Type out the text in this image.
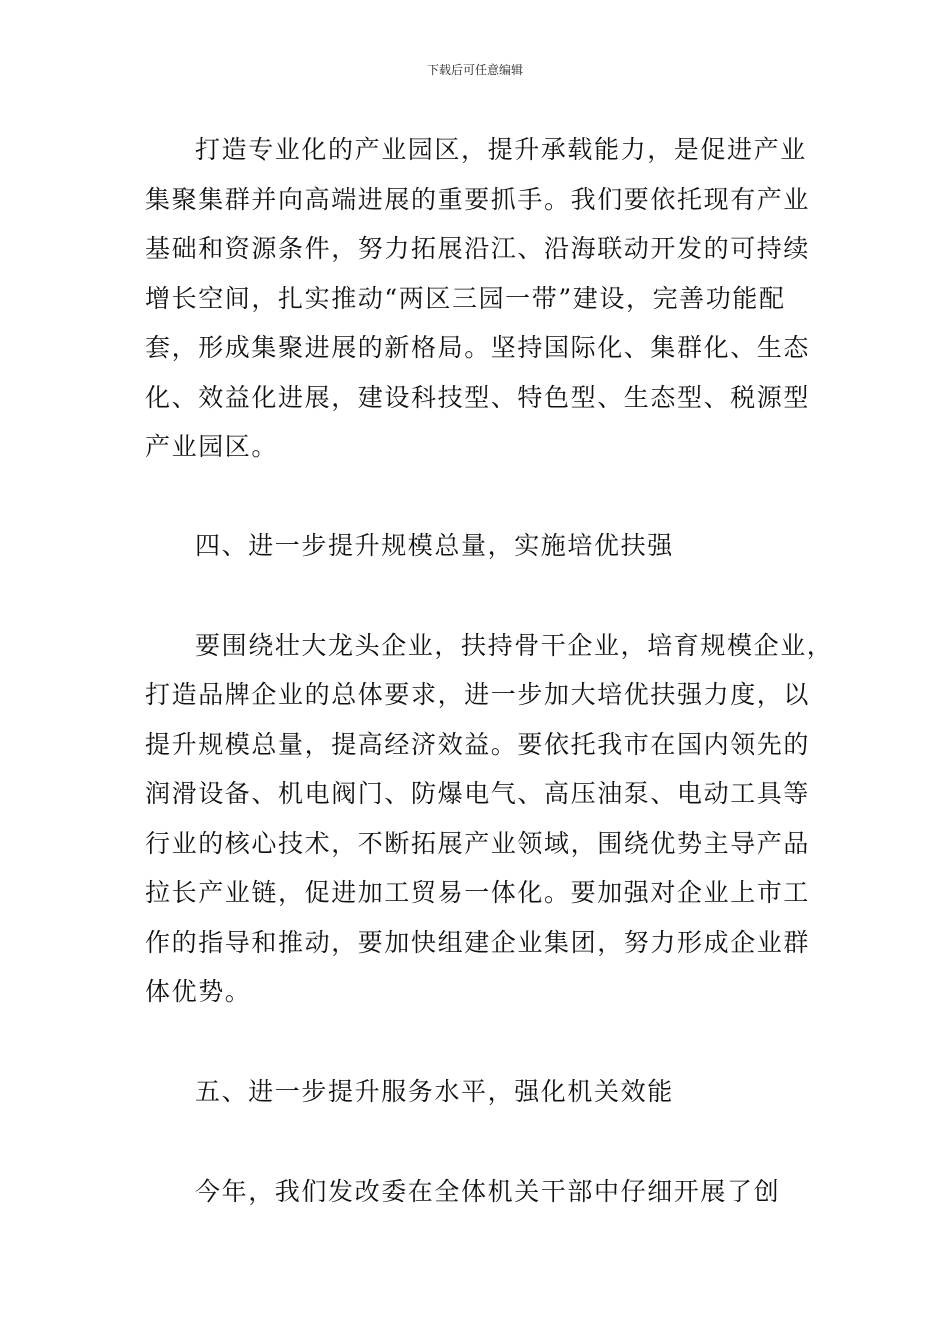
下载后可任意编辑
打造专业化的产业园区，提升承载能力，是促进产业
集聚集群并向高端进展的重要抓手。我们要依托现有产业
基础和资源条件，努力拓展沿江、沿海联动开发的可持续
增长空间，扎实推动“两区三园一带”建设，完善功能配
套，形成集聚进展的新格局。坚持国际化、集群化、生态
化、效益化进展，建设科技型、特色型、生态型、税源型
产业园区。
四、进一步提升规模总量，实施培优扶强
要围绕壮大龙头企业，扶持骨干企业，培育规模企业，
打造品牌企业的总体要求，进一步加大培优扶强力度，以
提升规模总量，提高经济效益。要依托我市在国内领先的
润滑设备、机电阀门、防爆电气、高压油泵、电动工具等
行业的核心技术，不断拓展产业领域，围绕优势主导产品
拉长产业链，促进加工贸易一体化。要加强对企业上市工
作的指导和推动，要加快组建企业集团，努力形成企业群
体优势。
五、进一步提升服务水平，强化机关效能
今年，我们发改委在全体机关干部中仔细开展了创
